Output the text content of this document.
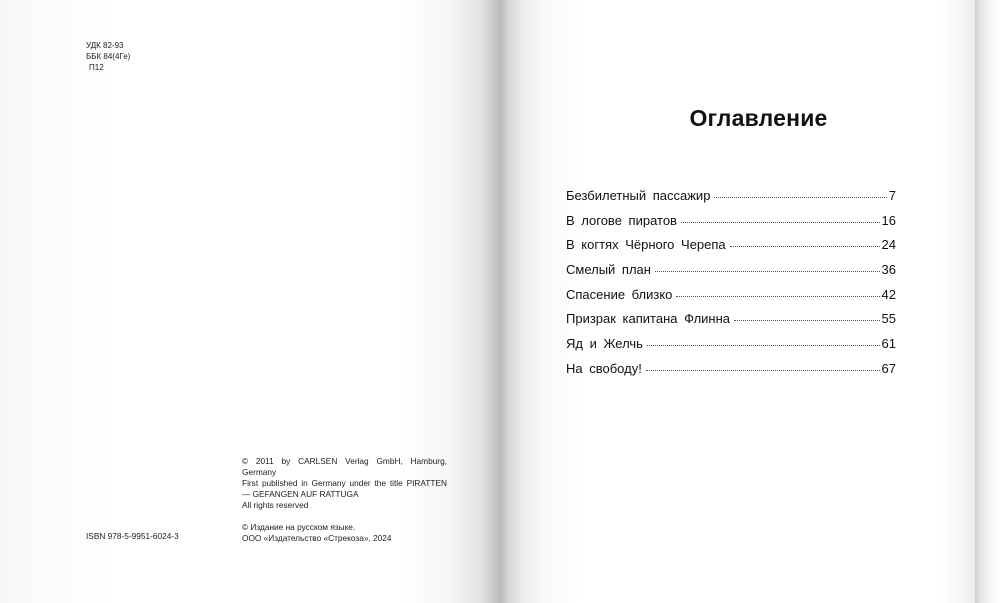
УДК 82-93
ББК 84(4Ге)
П12

© 2011 by CARLSEN Verlag GmbH, Hamburg, Germany

First published in Germany under the title PIRATTEN — GEFANGEN AUF RATTUGA

All rights reserved

© Издание на русском языке.

ООО «Издательство «Стрекоза», 2024

ISBN 978-5-9951-6024-3
Оглавление
Безбилетный пассажир	7
В логове пиратов	16
В когтях Чёрного Черепа	24
Смелый план	36
Спасение близко	42
Призрак капитана Флинна	55
Яд и Желчь	61
На свободу!	67
